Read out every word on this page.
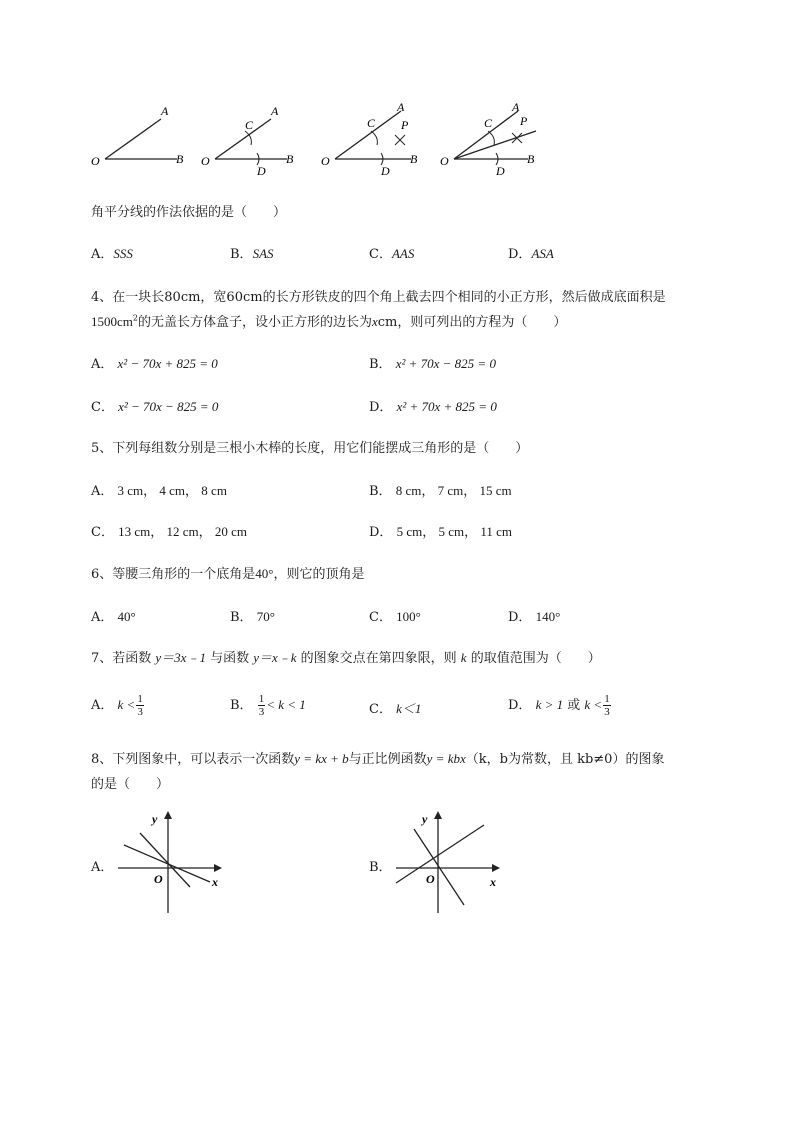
A
O	B
A
C
O	B
D
A
C P
O	B
D
A
C P
O	B
D
角平分线的作法依据的是（　　）
A．SSS	B．SAS	C．AAS	D．ASA
4、在一块长80cm，宽60cm的长方形铁皮的四个角上截去四个相同的小正方形，然后做成底面积是
$1500cm^2$的无盖长方体盒子，设小正方形的边长为xcm，则可列出的方程为（　　）
A． x² − 70x + 825 = 0	B． x² + 70x − 825 = 0
C． x² − 70x − 825 = 0	D． x² + 70x + 825 = 0
5、下列每组数分别是三根小木棒的长度，用它们能摆成三角形的是（　　）
A． 3 cm， 4 cm， 8 cm	B． 8 cm， 7 cm， 15 cm
C． 13 cm， 12 cm， 20 cm	D． 5 cm， 5 cm， 11 cm
6、等腰三角形的一个底角是40°，则它的顶角是
A． 40°	B． 70°	C． 100°	D． 140°
7、若函数 y＝3x﹣1 与函数 y＝x﹣k 的图象交点在第四象限，则 k 的取值范围为（　　）
A． $k < \frac{1}{3}$	B． $\frac{1}{3} < k < 1$	C． k＜1	D． k > 1 或 $k < \frac{1}{3}$
8、下列图象中，可以表示一次函数y = kx + b与正比例函数y = kbx（k，b为常数，且 kb≠0）的图象
的是（　　）
A．
y
O	x
B．
y
O	x
